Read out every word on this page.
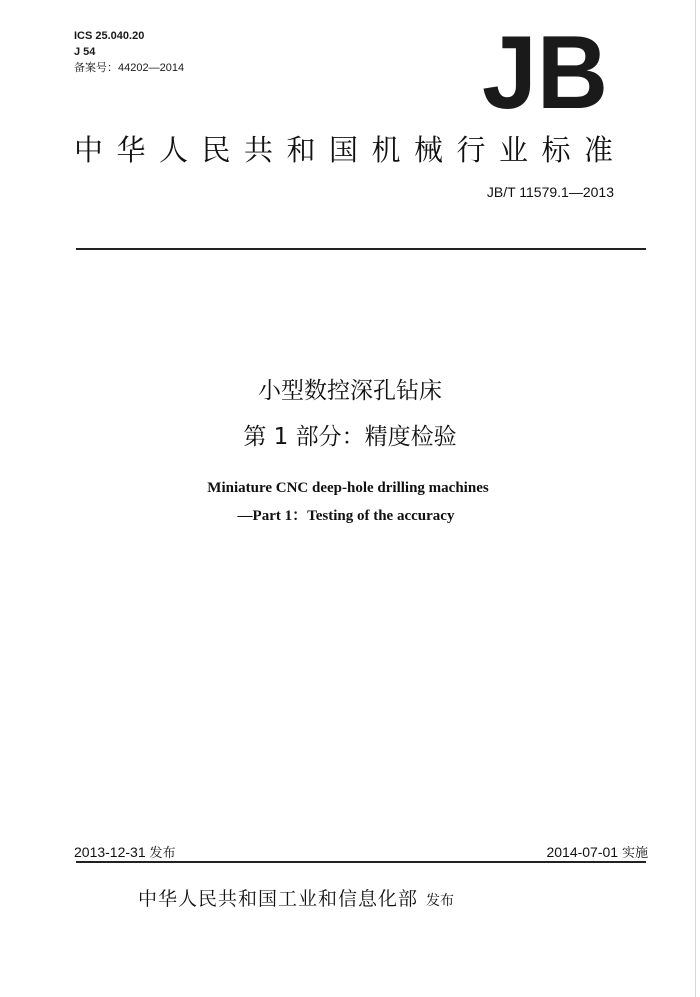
ICS 25.040.20
J 54
备案号：44202—2014	JB
中华人民共和国机械行业标准
JB/T 11579.1—2013
小型数控深孔钻床
第 1 部分：精度检验
Miniature CNC deep-hole drilling machines
—Part 1：Testing of the accuracy
2013-12-31 发布	2014-07-01 实施
中华人民共和国工业和信息化部 发布
